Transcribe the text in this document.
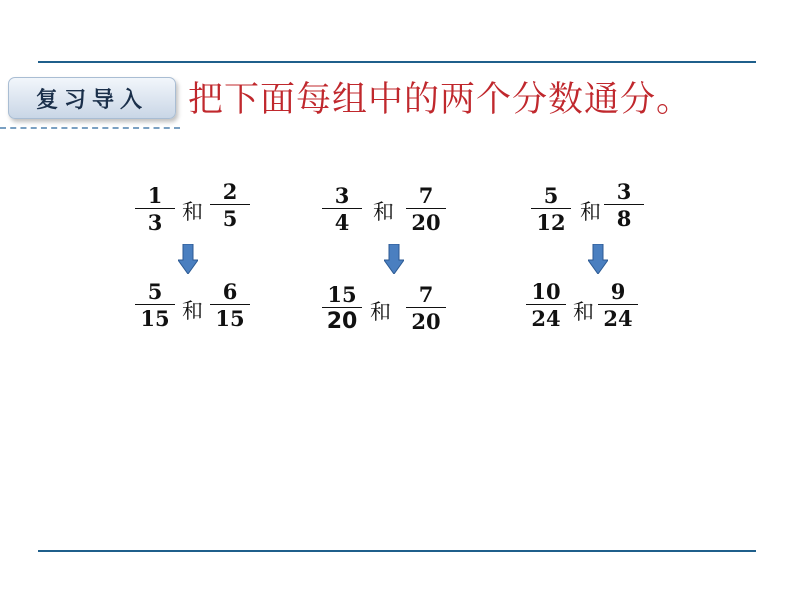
复习导入	把下面每组中的两个分数通分。
1
3 和
2
5
5
15 和
6
15
3
4	和
7
20
15
20 和
7
20
5
12 和
3
8
10
24 和
9
24
